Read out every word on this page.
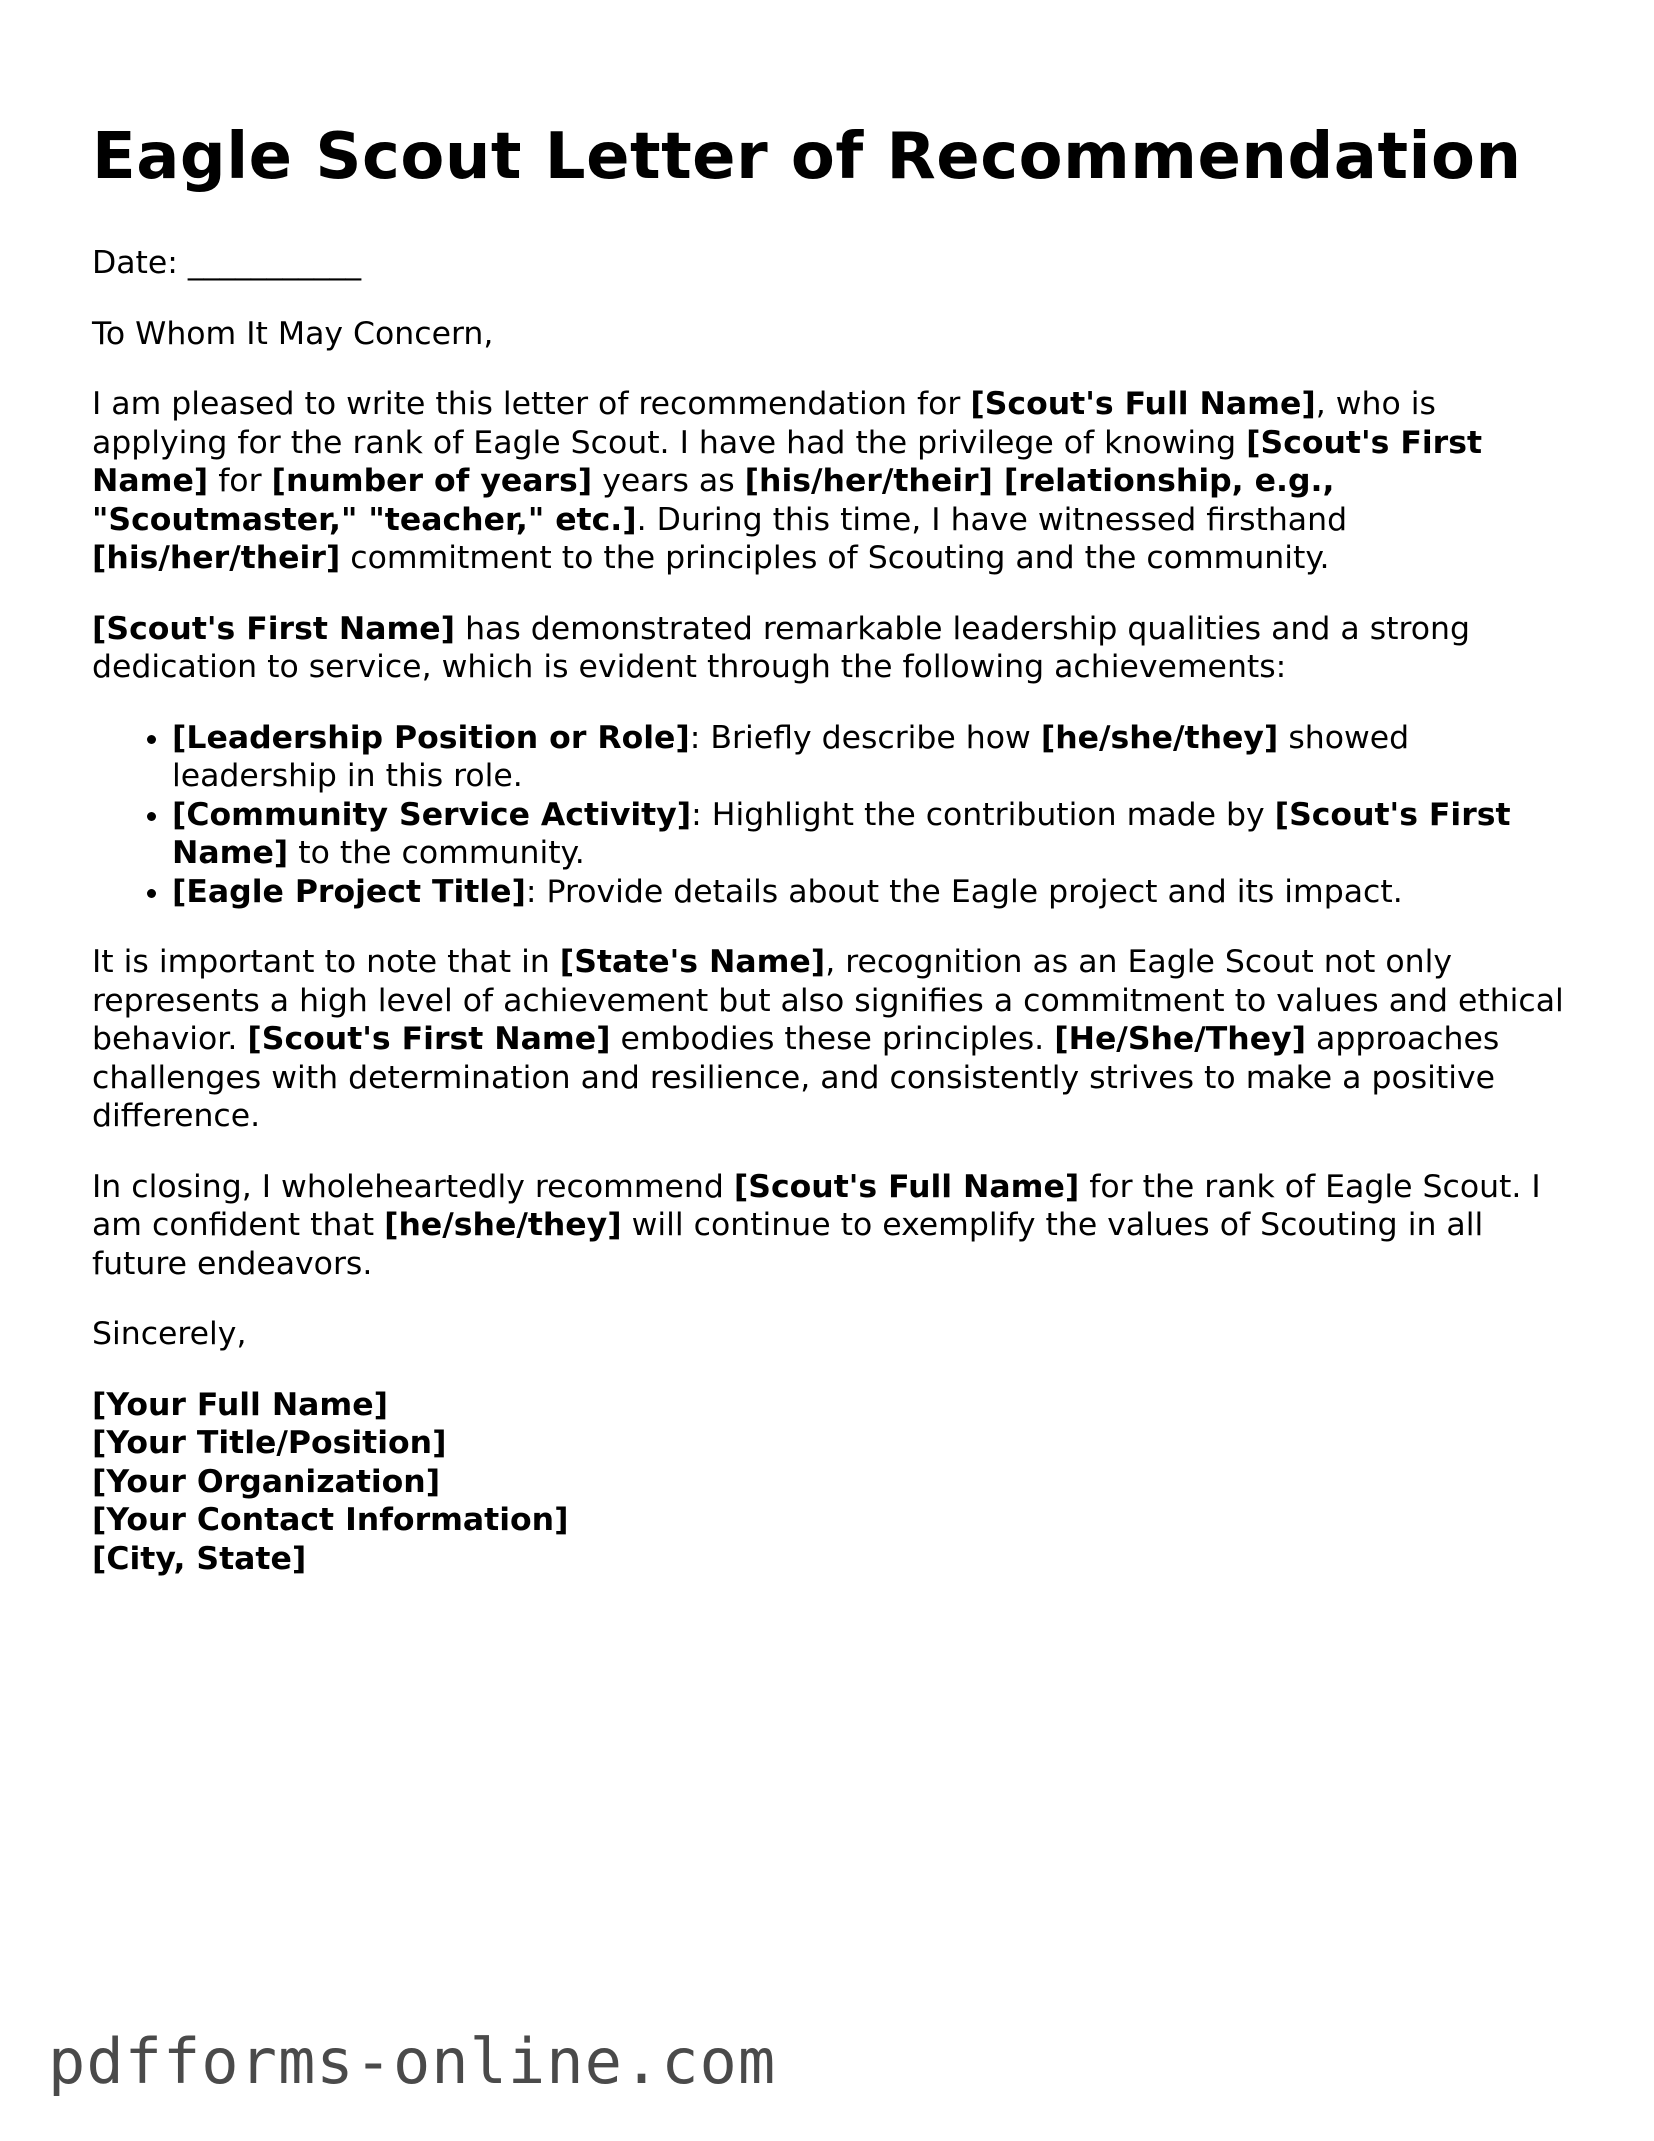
Eagle Scout Letter of Recommendation

Date: ___________

To Whom It May Concern,

I am pleased to write this letter of recommendation for [Scout's Full Name], who is applying for the rank of Eagle Scout. I have had the privilege of knowing [Scout's First Name] for [number of years] years as [his/her/their] [relationship, e.g., "Scoutmaster," "teacher," etc.]. During this time, I have witnessed firsthand [his/her/their] commitment to the principles of Scouting and the community.

[Scout's First Name] has demonstrated remarkable leadership qualities and a strong dedication to service, which is evident through the following achievements:

• [Leadership Position or Role]: Briefly describe how [he/she/they] showed leadership in this role.
• [Community Service Activity]: Highlight the contribution made by [Scout's First Name] to the community.
• [Eagle Project Title]: Provide details about the Eagle project and its impact.

It is important to note that in [State's Name], recognition as an Eagle Scout not only represents a high level of achievement but also signifies a commitment to values and ethical behavior. [Scout's First Name] embodies these principles. [He/She/They] approaches challenges with determination and resilience, and consistently strives to make a positive difference.

In closing, I wholeheartedly recommend [Scout's Full Name] for the rank of Eagle Scout. I am confident that [he/she/they] will continue to exemplify the values of Scouting in all future endeavors.

Sincerely,

[Your Full Name]

[Your Title/Position]

[Your Organization]

[Your Contact Information]

[City, State]

pdfforms-online.com
